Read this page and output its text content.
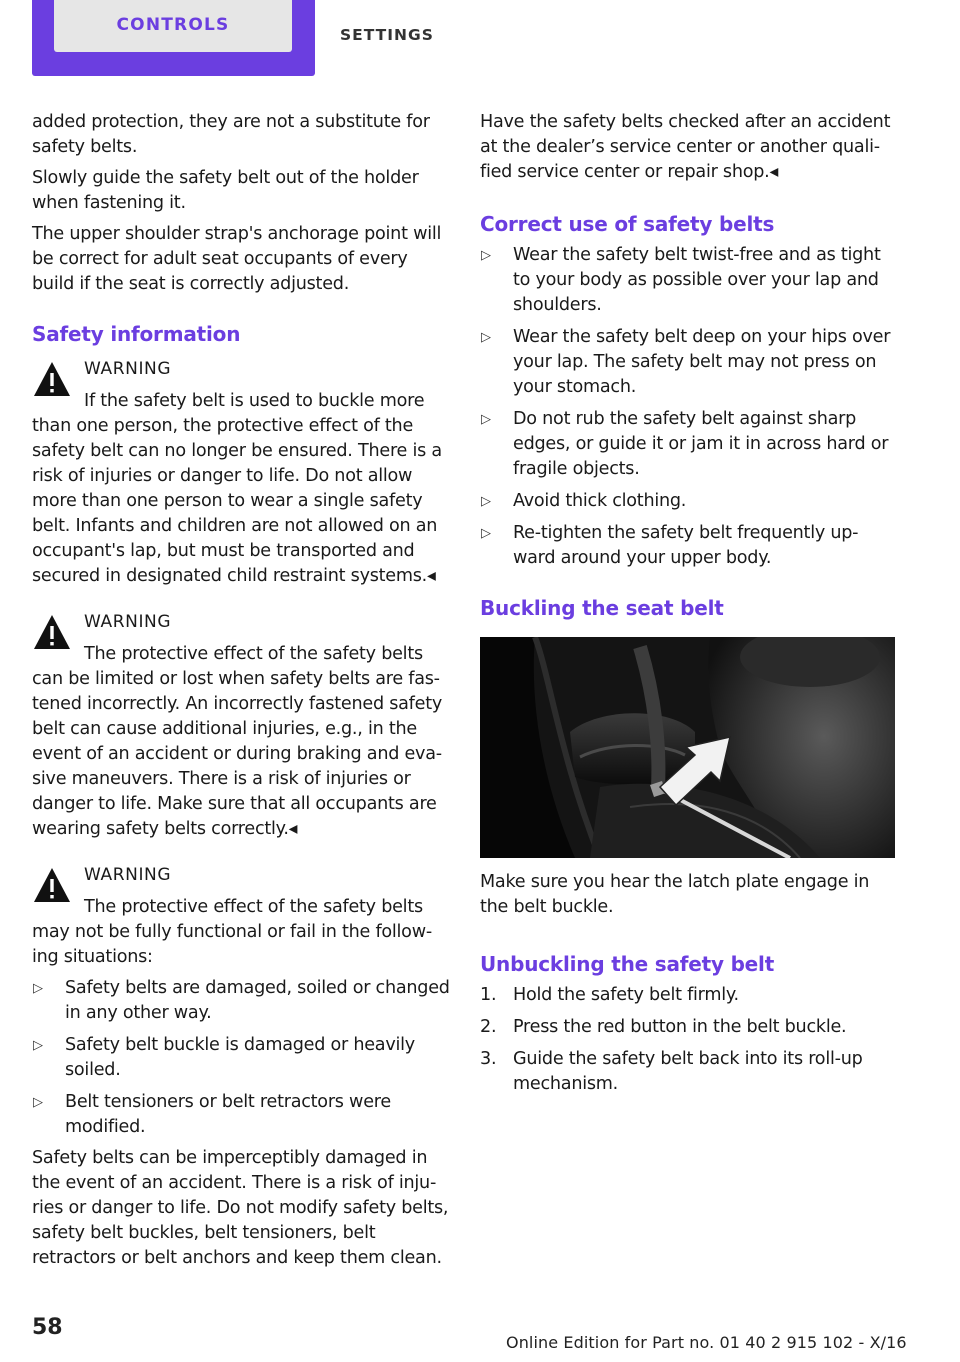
CONTROLS	SETTINGS

added protection, they are not a substitute for safety belts.

Slowly guide the safety belt out of the holder when fastening it.

The upper shoulder strap's anchorage point will be correct for adult seat occupants of every build if the seat is correctly adjusted.

Safety information
WARNING
If the safety belt is used to buckle more than one person, the protective effect of the safety belt can no longer be ensured. There is a risk of injuries or danger to life. Do not allow more than one person to wear a single safety belt. Infants and children are not allowed on an occupant's lap, but must be transported and secured in designated child restraint systems.◂
WARNING
The protective effect of the safety belts can be limited or lost when safety belts are fas‐tened incorrectly. An incorrectly fastened safety belt can cause additional injuries, e.g., in the event of an accident or during braking and eva‐sive maneuvers. There is a risk of injuries or danger to life. Make sure that all occupants are wearing safety belts correctly.◂
WARNING
The protective effect of the safety belts may not be fully functional or fail in the follow‐ing situations:
▷ Safety belts are damaged, soiled or changed in any other way.
▷ Safety belt buckle is damaged or heavily soiled.
▷ Belt tensioners or belt retractors were modified.

Safety belts can be imperceptibly damaged in the event of an accident. There is a risk of inju‐ries or danger to life. Do not modify safety belts, safety belt buckles, belt tensioners, belt retractors or belt anchors and keep them clean.

Have the safety belts checked after an accident at the dealer’s service center or another quali‐fied service center or repair shop.◂

Correct use of safety belts
▷ Wear the safety belt twist-free and as tight to your body as possible over your lap and shoulders.
▷ Wear the safety belt deep on your hips over your lap. The safety belt may not press on your stomach.
▷ Do not rub the safety belt against sharp edges, or guide it or jam it in across hard or fragile objects.
▷ Avoid thick clothing.
▷ Re-tighten the safety belt frequently up‐ward around your upper body.
Buckling the seat belt

Make sure you hear the latch plate engage in the belt buckle.

Unbuckling the safety belt
1. Hold the safety belt firmly.
2. Press the red button in the belt buckle.
3. Guide the safety belt back into its roll-up mechanism.
58
Online Edition for Part no. 01 40 2 915 102 - X/16
